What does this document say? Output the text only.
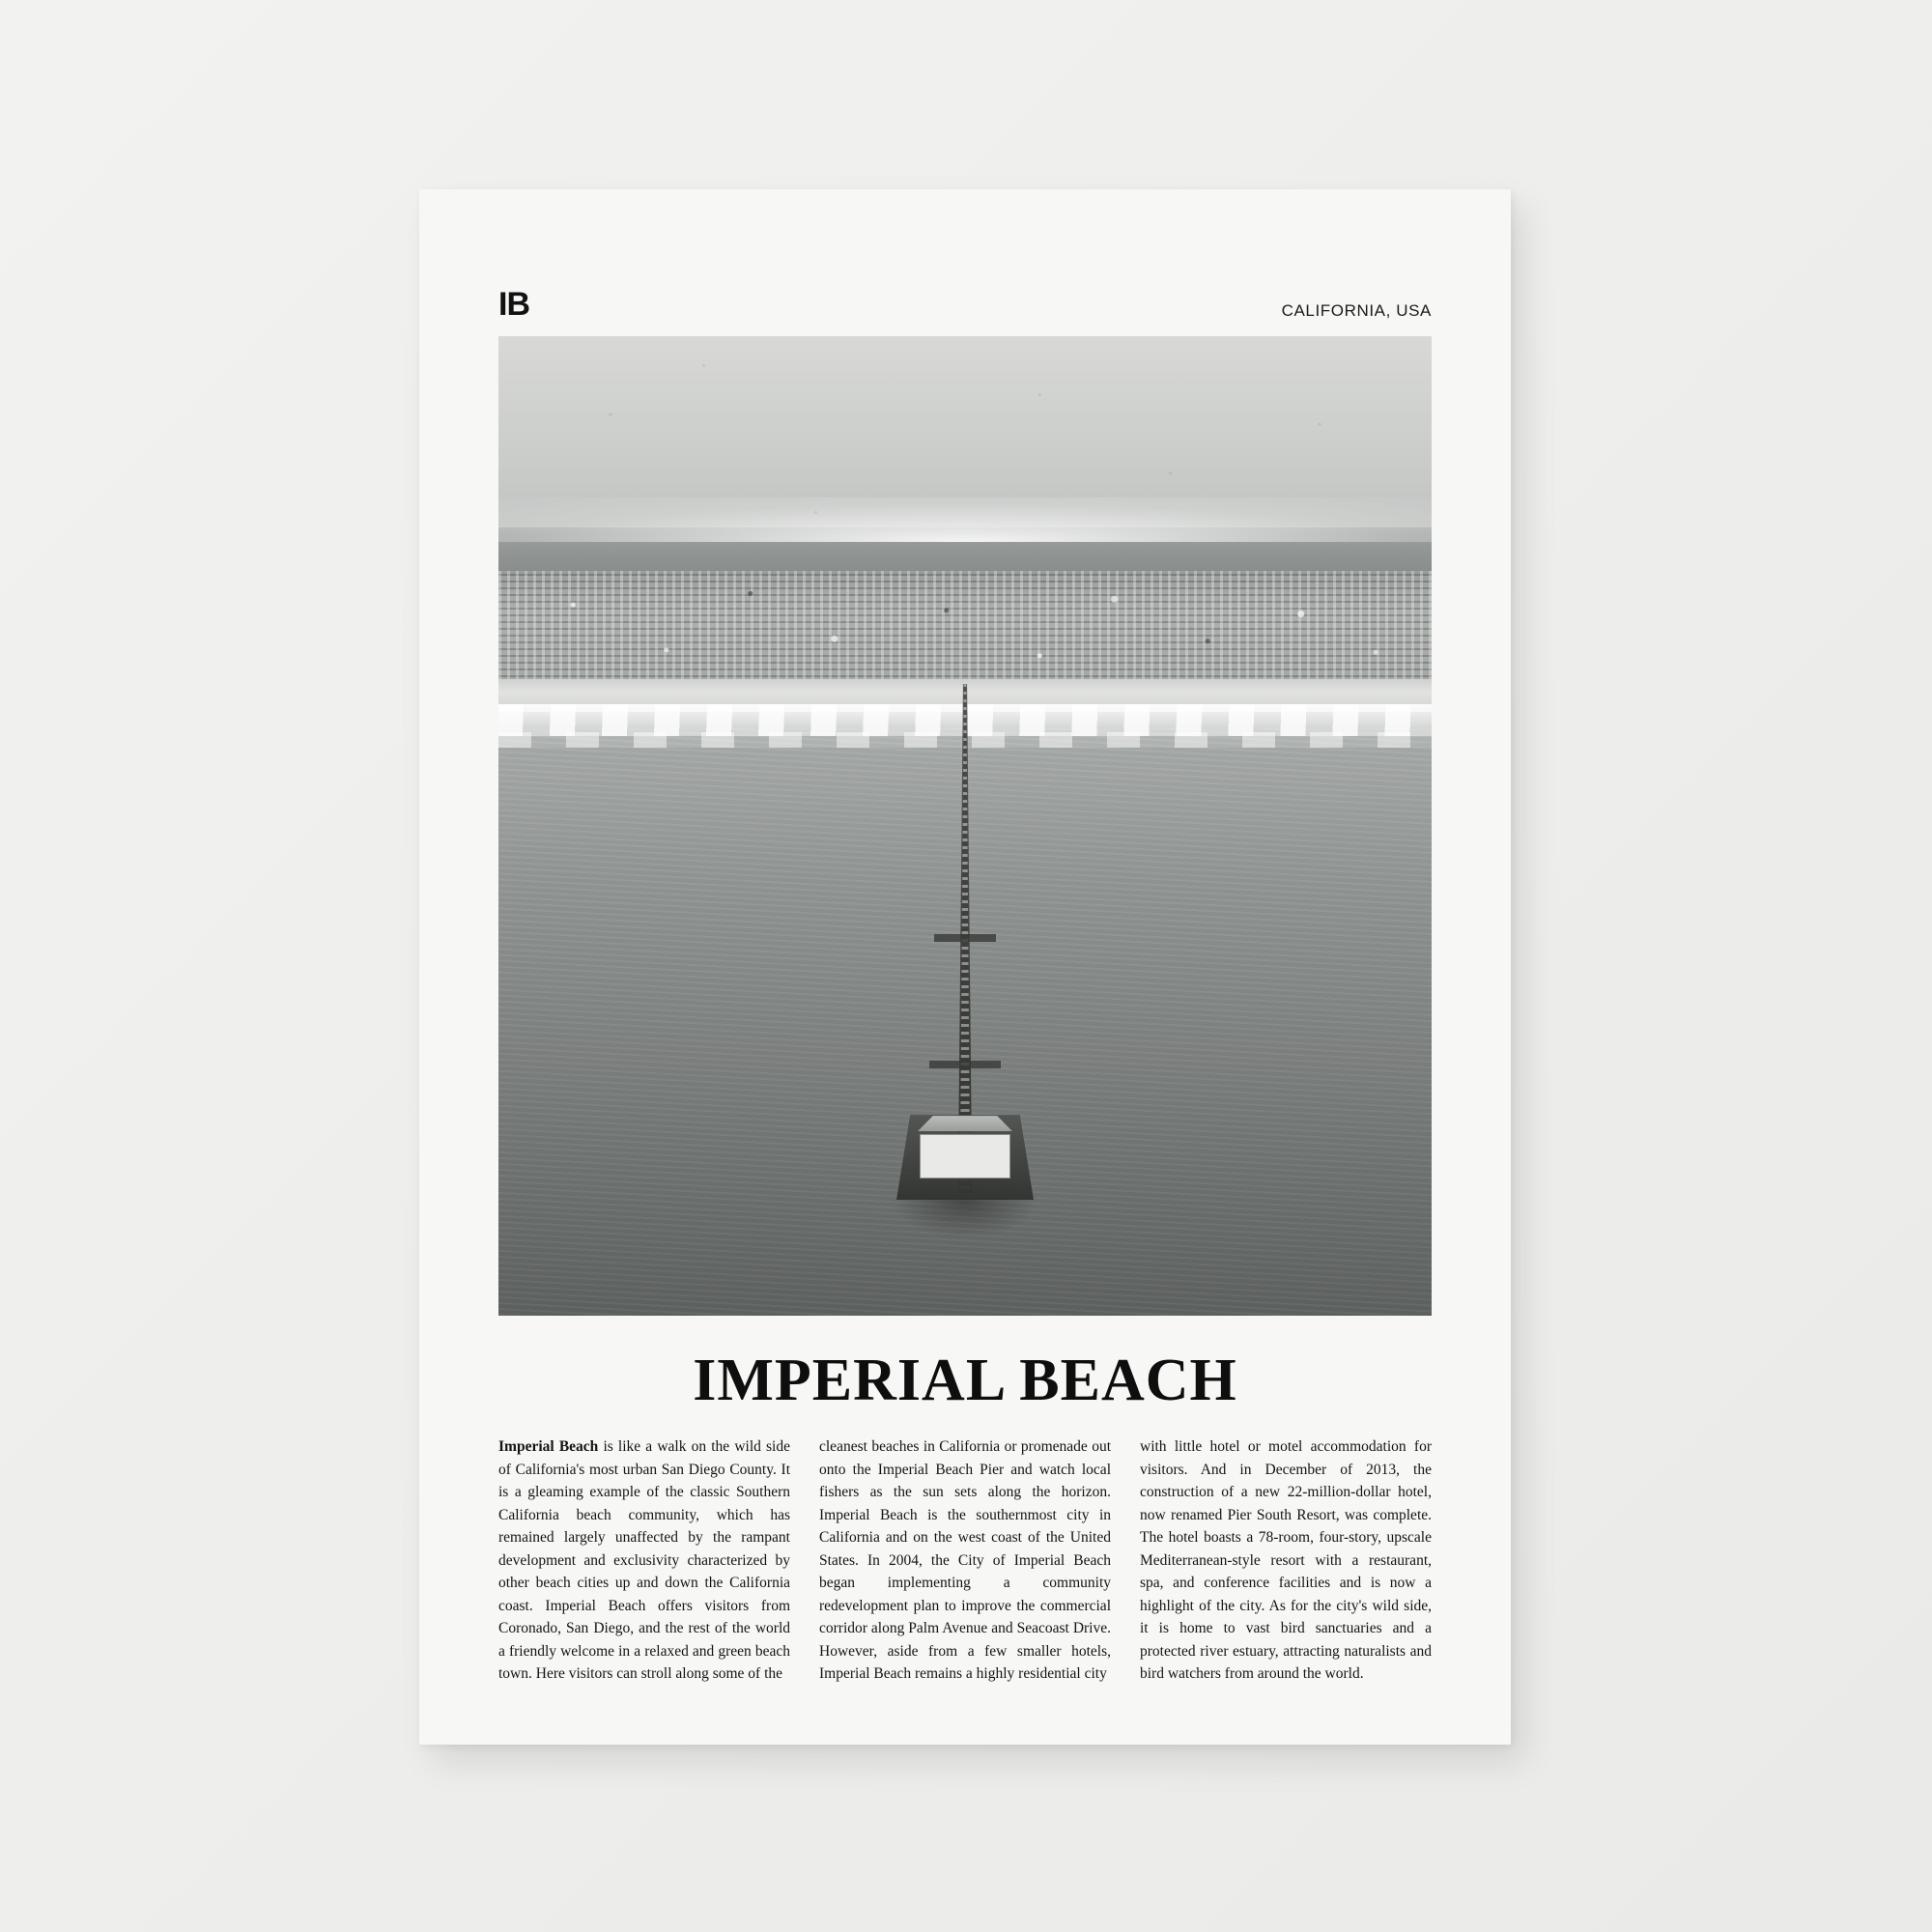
IB	CALIFORNIA, USA
IMPERIAL BEACH
Imperial Beach is like a walk on the wild side of California's most urban San Diego County. It is a gleaming example of the classic Southern California beach community, which has remained largely unaffected by the rampant development and exclusivity characterized by other beach cities up and down the California coast. Imperial Beach offers visitors from Coronado, San Diego, and the rest of the world a friendly welcome in a relaxed and green beach town. Here visitors can stroll along some of the
cleanest beaches in California or promenade out onto the Imperial Beach Pier and watch local fishers as the sun sets along the horizon. Imperial Beach is the southernmost city in California and on the west coast of the United States. In 2004, the City of Imperial Beach began implementing a community redevelopment plan to improve the commercial corridor along Palm Avenue and Seacoast Drive. However, aside from a few smaller hotels, Imperial Beach remains a highly residential city
with little hotel or motel accommodation for visitors. And in December of 2013, the construction of a new 22-million-dollar hotel, now renamed Pier South Resort, was complete. The hotel boasts a 78-room, four-story, upscale Mediterranean-style resort with a restaurant, spa, and conference facilities and is now a highlight of the city. As for the city's wild side, it is home to vast bird sanctuaries and a protected river estuary, attracting naturalists and bird watchers from around the world.
